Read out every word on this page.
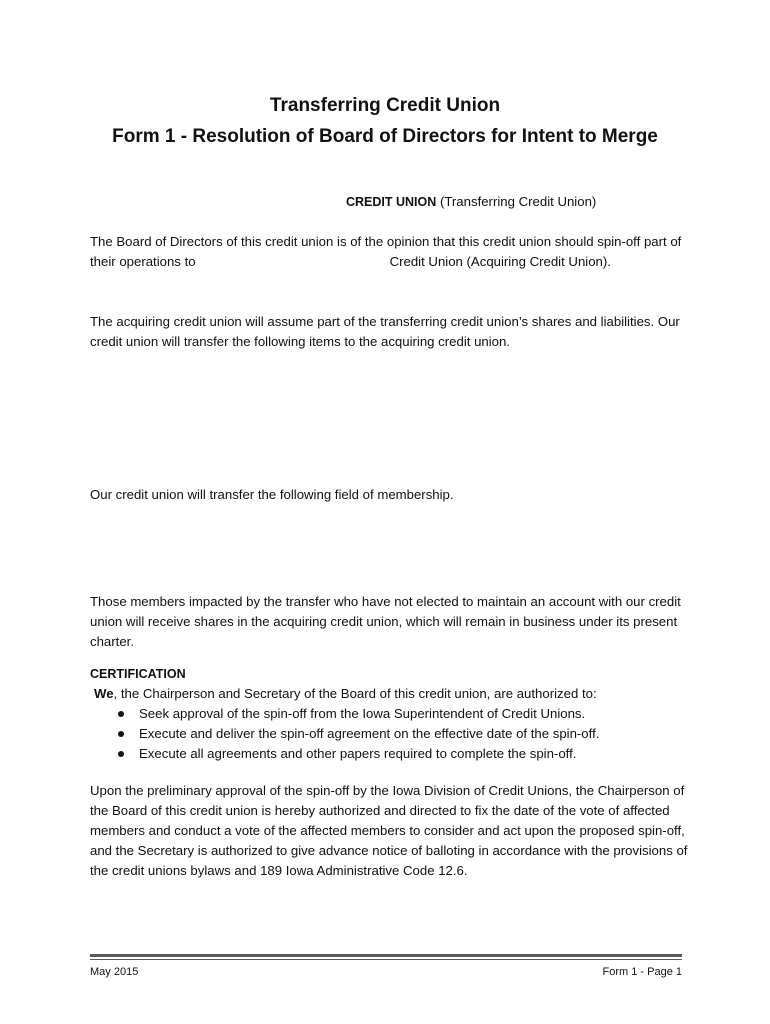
Transferring Credit Union
Form 1 - Resolution of Board of Directors for Intent to Merge
CREDIT UNION (Transferring Credit Union)
The Board of Directors of this credit union is of the opinion that this credit union should spin-off part of their operations to	Credit Union (Acquiring Credit Union).
The acquiring credit union will assume part of the transferring credit union’s shares and liabilities. Our credit union will transfer the following items to the acquiring credit union.
Our credit union will transfer the following field of membership.
Those members impacted by the transfer who have not elected to maintain an account with our credit union will receive shares in the acquiring credit union, which will remain in business under its present charter.
CERTIFICATION
We, the Chairperson and Secretary of the Board of this credit union, are authorized to:
Seek approval of the spin-off from the Iowa Superintendent of Credit Unions.
Execute and deliver the spin-off agreement on the effective date of the spin-off.
Execute all agreements and other papers required to complete the spin-off.
Upon the preliminary approval of the spin-off by the Iowa Division of Credit Unions, the Chairperson of the Board of this credit union is hereby authorized and directed to fix the date of the vote of affected members and conduct a vote of the affected members to consider and act upon the proposed spin-off, and the Secretary is authorized to give advance notice of balloting in accordance with the provisions of the credit unions bylaws and 189 Iowa Administrative Code 12.6.
May 2015	Form 1 - Page 1
